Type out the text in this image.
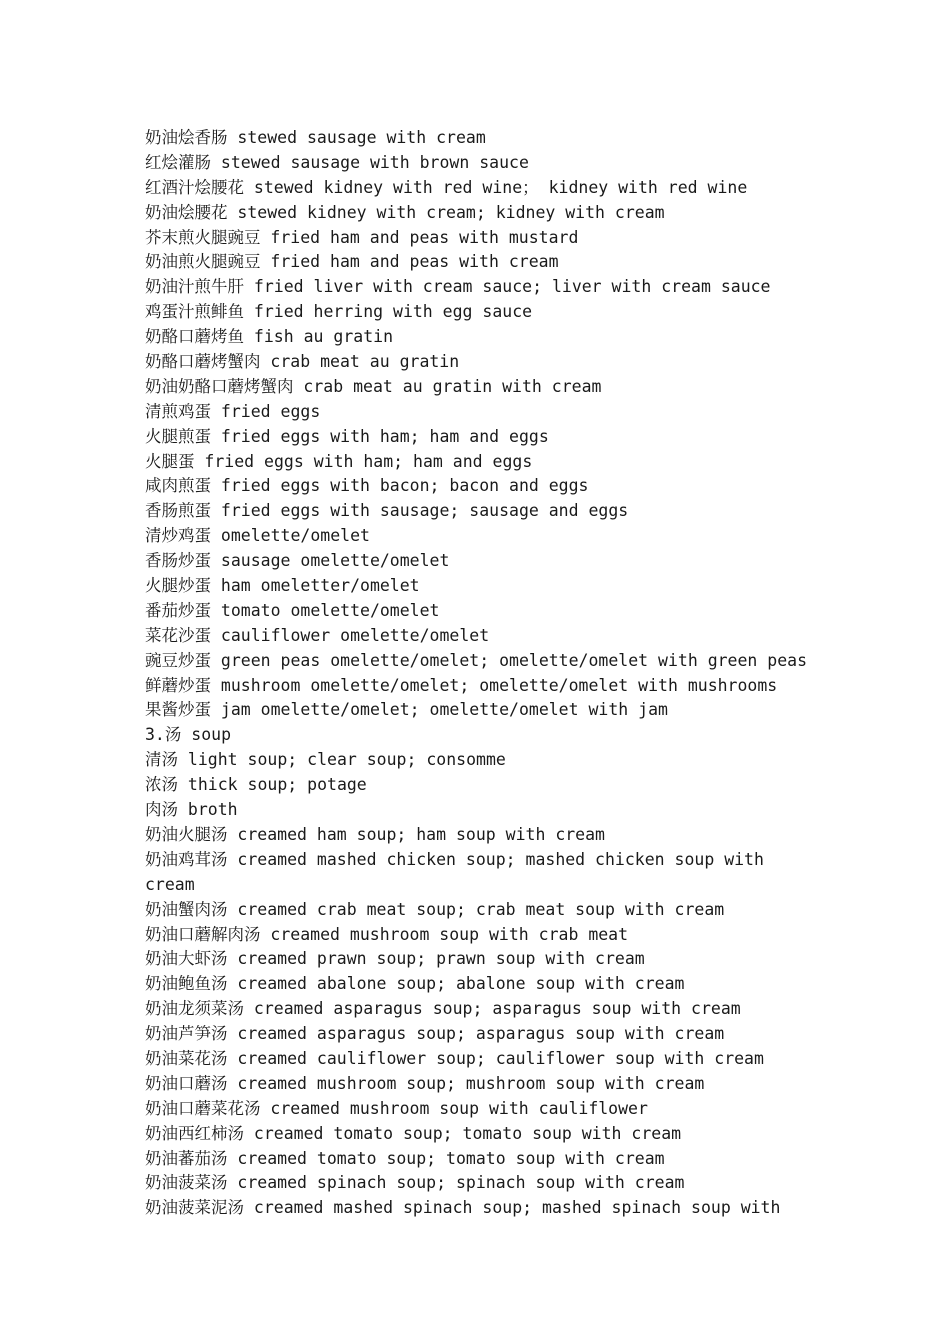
奶油烩香肠 stewed sausage with cream
红烩灌肠 stewed sausage with brown sauce
红酒汁烩腰花 stewed kidney with red wine； kidney with red wine
奶油烩腰花 stewed kidney with cream; kidney with cream
芥末煎火腿豌豆 fried ham and peas with mustard
奶油煎火腿豌豆 fried ham and peas with cream
奶油汁煎牛肝 fried liver with cream sauce; liver with cream sauce
鸡蛋汁煎鲱鱼 fried herring with egg sauce
奶酪口蘑烤鱼 fish au gratin
奶酪口蘑烤蟹肉 crab meat au gratin
奶油奶酪口蘑烤蟹肉 crab meat au gratin with cream
清煎鸡蛋 fried eggs
火腿煎蛋 fried eggs with ham; ham and eggs
火腿蛋 fried eggs with ham; ham and eggs
咸肉煎蛋 fried eggs with bacon; bacon and eggs
香肠煎蛋 fried eggs with sausage; sausage and eggs
清炒鸡蛋 omelette/omelet
香肠炒蛋 sausage omelette/omelet
火腿炒蛋 ham omeletter/omelet
番茄炒蛋 tomato omelette/omelet
菜花沙蛋 cauliflower omelette/omelet
豌豆炒蛋 green peas omelette/omelet; omelette/omelet with green peas
鲜蘑炒蛋 mushroom omelette/omelet; omelette/omelet with mushrooms
果酱炒蛋 jam omelette/omelet; omelette/omelet with jam
3.汤 soup
清汤 light soup; clear soup; consomme
浓汤 thick soup; potage
肉汤 broth
奶油火腿汤 creamed ham soup; ham soup with cream
奶油鸡茸汤 creamed mashed chicken soup; mashed chicken soup with
cream
奶油蟹肉汤 creamed crab meat soup; crab meat soup with cream
奶油口蘑解肉汤 creamed mushroom soup with crab meat
奶油大虾汤 creamed prawn soup; prawn soup with cream
奶油鲍鱼汤 creamed abalone soup; abalone soup with cream
奶油龙须菜汤 creamed asparagus soup; asparagus soup with cream
奶油芦笋汤 creamed asparagus soup; asparagus soup with cream
奶油菜花汤 creamed cauliflower soup; cauliflower soup with cream
奶油口蘑汤 creamed mushroom soup; mushroom soup with cream
奶油口蘑菜花汤 creamed mushroom soup with cauliflower
奶油西红柿汤 creamed tomato soup; tomato soup with cream
奶油蕃茄汤 creamed tomato soup; tomato soup with cream
奶油菠菜汤 creamed spinach soup; spinach soup with cream
奶油菠菜泥汤 creamed mashed spinach soup; mashed spinach soup with
